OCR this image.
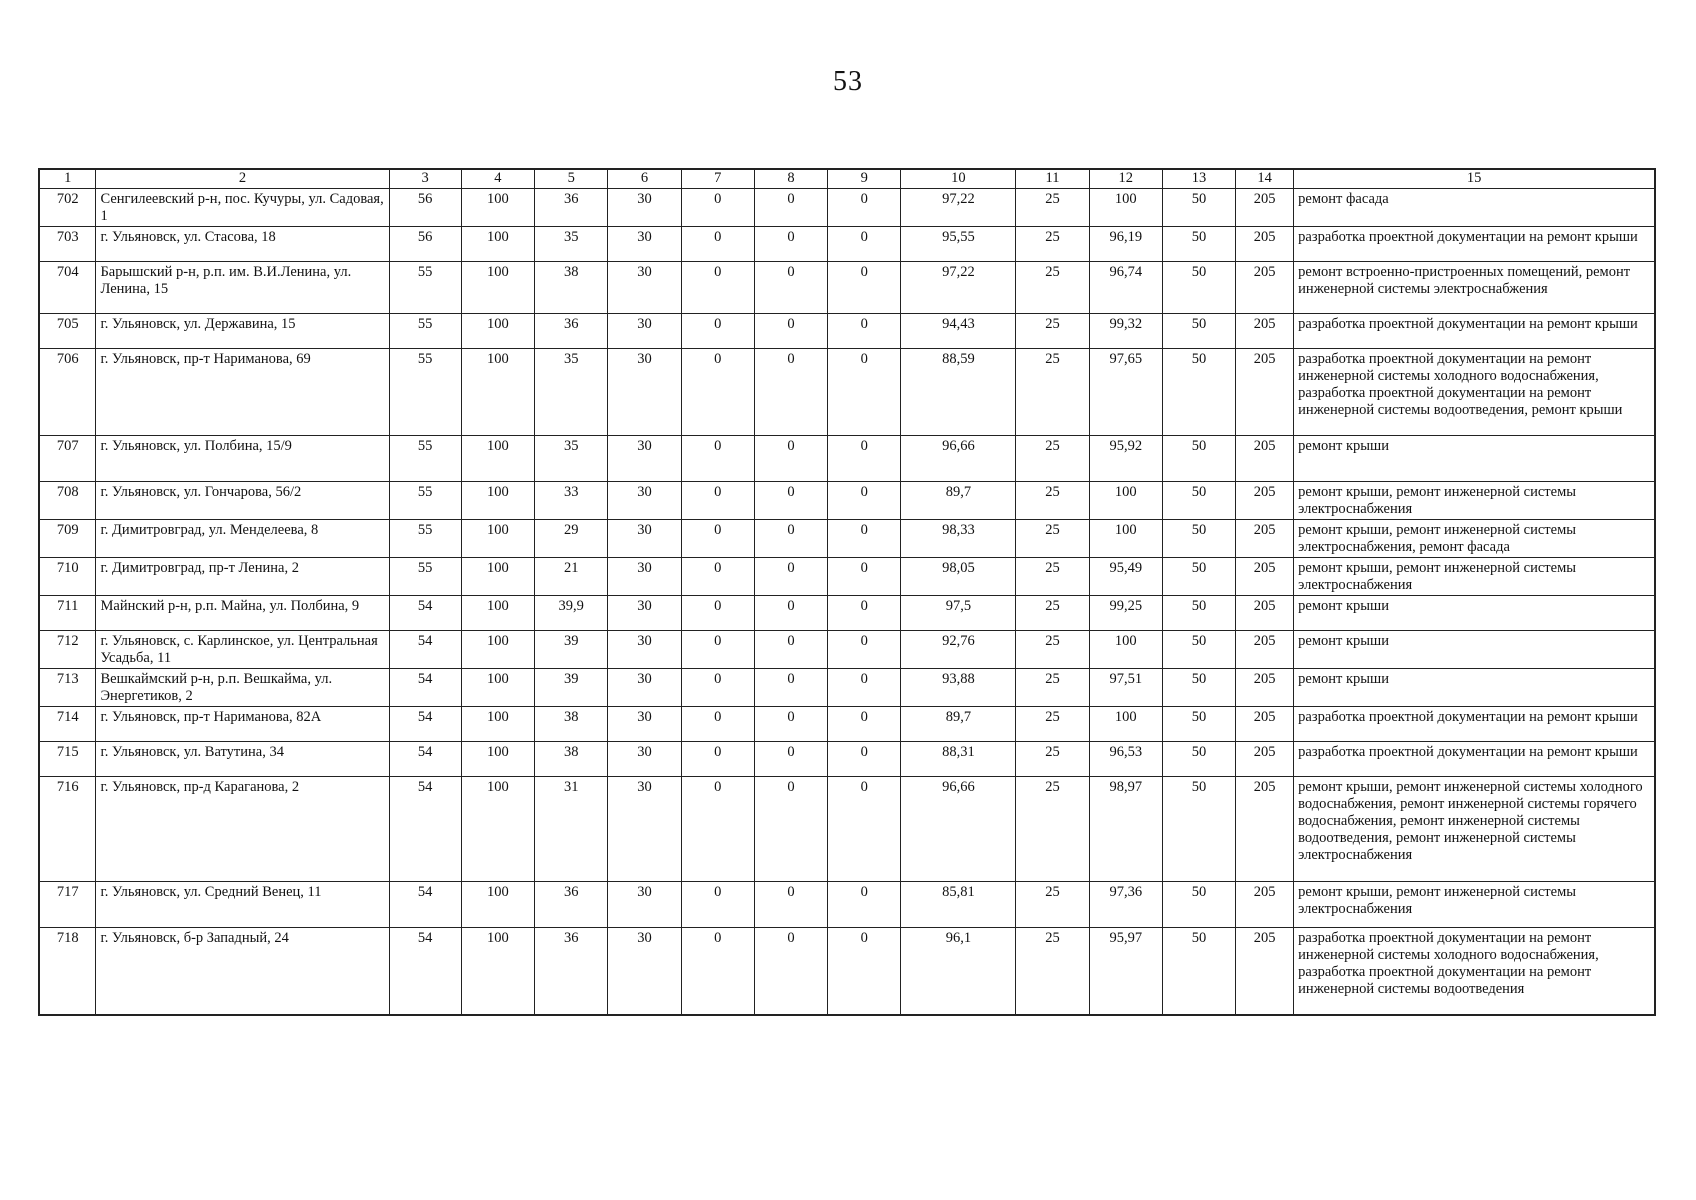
53
1	2	3	4	5	6	7	8	9	10	11	12	13	14	15
702	Сенгилеевский р-н, пос. Кучуры, ул. Садовая, 1	56	100	36	30	0	0	0	97,22	25	100	50	205	ремонт фасада
703	г. Ульяновск, ул. Стасова, 18	56	100	35	30	0	0	0	95,55	25	96,19	50	205	разработка проектной документации на ремонт крыши
704	Барышский р-н, р.п. им. В.И.Ленина, ул. Ленина, 15	55	100	38	30	0	0	0	97,22	25	96,74	50	205	ремонт встроенно-пристроенных помещений, ремонт инженерной системы электроснабжения
705	г. Ульяновск, ул. Державина, 15	55	100	36	30	0	0	0	94,43	25	99,32	50	205	разработка проектной документации на ремонт крыши
706	г. Ульяновск, пр-т Нариманова, 69	55	100	35	30	0	0	0	88,59	25	97,65	50	205	разработка проектной документации на ремонт инженерной системы холодного водоснабжения, разработка проектной документации на ремонт инженерной системы водоотведения, ремонт крыши
707	г. Ульяновск, ул. Полбина, 15/9	55	100	35	30	0	0	0	96,66	25	95,92	50	205	ремонт крыши
708	г. Ульяновск, ул. Гончарова, 56/2	55	100	33	30	0	0	0	89,7	25	100	50	205	ремонт крыши, ремонт инженерной системы электроснабжения
709	г. Димитровград, ул. Менделеева, 8	55	100	29	30	0	0	0	98,33	25	100	50	205	ремонт крыши, ремонт инженерной системы электроснабжения, ремонт фасада
710	г. Димитровград, пр-т Ленина, 2	55	100	21	30	0	0	0	98,05	25	95,49	50	205	ремонт крыши, ремонт инженерной системы электроснабжения
711	Майнский р-н, р.п. Майна, ул. Полбина, 9	54	100	39,9	30	0	0	0	97,5	25	99,25	50	205	ремонт крыши
712	г. Ульяновск, с. Карлинское, ул. Центральная Усадьба, 11	54	100	39	30	0	0	0	92,76	25	100	50	205	ремонт крыши
713	Вешкаймский р-н, р.п. Вешкайма, ул. Энергетиков, 2	54	100	39	30	0	0	0	93,88	25	97,51	50	205	ремонт крыши
714	г. Ульяновск, пр-т Нариманова, 82А	54	100	38	30	0	0	0	89,7	25	100	50	205	разработка проектной документации на ремонт крыши
715	г. Ульяновск, ул. Ватутина, 34	54	100	38	30	0	0	0	88,31	25	96,53	50	205	разработка проектной документации на ремонт крыши
716	г. Ульяновск, пр-д Караганова, 2	54	100	31	30	0	0	0	96,66	25	98,97	50	205	ремонт крыши, ремонт инженерной системы холодного водоснабжения, ремонт инженерной системы горячего водоснабжения, ремонт инженерной системы водоотведения, ремонт инженерной системы электроснабжения
717	г. Ульяновск, ул. Средний Венец, 11	54	100	36	30	0	0	0	85,81	25	97,36	50	205	ремонт крыши, ремонт инженерной системы электроснабжения
718	г. Ульяновск, б-р Западный, 24	54	100	36	30	0	0	0	96,1	25	95,97	50	205	разработка проектной документации на ремонт инженерной системы холодного водоснабжения, разработка проектной документации на ремонт инженерной системы водоотведения
